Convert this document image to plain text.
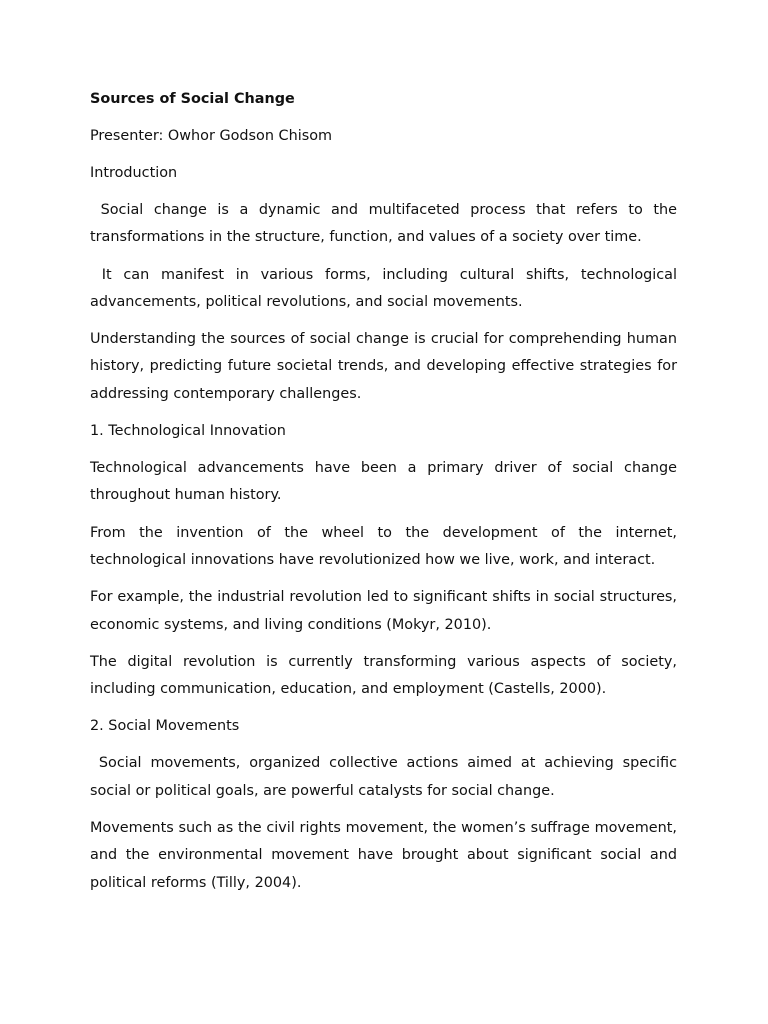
Sources of Social Change
Presenter: Owhor Godson Chisom
Introduction

Social change is a dynamic and multifaceted process that refers to the transformations in the structure, function, and values of a society over time.

It can manifest in various forms, including cultural shifts, technological advancements, political revolutions, and social movements.

Understanding the sources of social change is crucial for comprehending human history, predicting future societal trends, and developing effective strategies for addressing contemporary challenges.

1. Technological Innovation

Technological advancements have been a primary driver of social change throughout human history.

From the invention of the wheel to the development of the internet, technological innovations have revolutionized how we live, work, and interact.

For example, the industrial revolution led to significant shifts in social structures, economic systems, and living conditions (Mokyr, 2010).

The digital revolution is currently transforming various aspects of society, including communication, education, and employment (Castells, 2000).

2. Social Movements

Social movements, organized collective actions aimed at achieving specific social or political goals, are powerful catalysts for social change.

Movements such as the civil rights movement, the women’s suffrage movement, and the environmental movement have brought about significant social and political reforms (Tilly, 2004).
